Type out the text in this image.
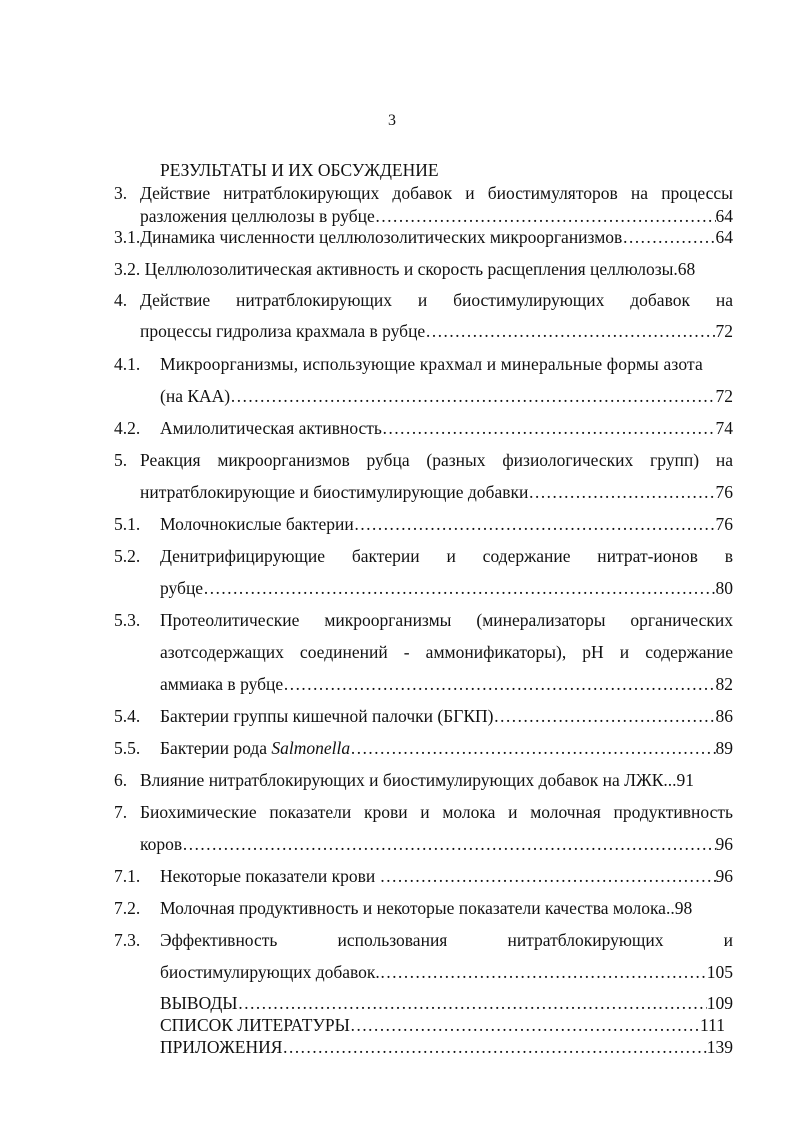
3
РЕЗУЛЬТАТЫ И ИХ ОБСУЖДЕНИЕ
3. Действие нитратблокирующих добавок и биостимуляторов на процессы
разложения целлюлозы в рубце …………………………………………………………………………………………………………………………………………………………………………………………	64
3.1. Динамика численности целлюлозолитических микроорганизмов …………………………………………………………………………………………………………………………………………………………………………………………	64
3.2. Целлюлозолитическая активность и скорость расщепления целлюлозы.68
4. Действие нитратблокирующих и биостимулирующих добавок на
процессы гидролиза крахмала в рубце …………………………………………………………………………………………………………………………………………………………………………………………	72
4.1. Микроорганизмы, использующие крахмал и минеральные формы азота
(на КАА) …………………………………………………………………………………………………………………………………………………………………………………………	72
4.2. Амилолитическая активность …………………………………………………………………………………………………………………………………………………………………………………………	74
5. Реакция микроорганизмов рубца (разных физиологических групп) на
нитратблокирующие и биостимулирующие добавки …………………………………………………………………………………………………………………………………………………………………………………………	76
5.1. Молочнокислые бактерии …………………………………………………………………………………………………………………………………………………………………………………………	76
5.2. Денитрифицирующие бактерии и содержание нитрат-ионов в
рубце …………………………………………………………………………………………………………………………………………………………………………………………	80
5.3. Протеолитические микроорганизмы (минерализаторы органических
азотсодержащих соединений - аммонификаторы), рН и содержание
аммиака в рубце …………………………………………………………………………………………………………………………………………………………………………………………	82
5.4. Бактерии группы кишечной палочки (БГКП) …………………………………………………………………………………………………………………………………………………………………………………………	86
5.5. Бактерии рода Salmonella …………………………………………………………………………………………………………………………………………………………………………………………	89
6. Влияние нитратблокирующих и биостимулирующих добавок на ЛЖК...91
7. Биохимические показатели крови и молока и молочная продуктивность
коров …………………………………………………………………………………………………………………………………………………………………………………………	96
7.1. Некоторые показатели крови …………………………………………………………………………………………………………………………………………………………………………………………	96
7.2. Молочная продуктивность и некоторые показатели качества молока..98
7.3. Эффективность	использования	нитратблокирующих	и
биостимулирующих добавок. …………………………………………………………………………………………………………………………………………………………………………………………	105
ВЫВОДЫ …………………………………………………………………………………………………………………………………………………………………………………………	109
СПИСОК ЛИТЕРАТУРЫ …………………………………………………………………………………………………………………………………………………………………………………………	111
ПРИЛОЖЕНИЯ …………………………………………………………………………………………………………………………………………………………………………………………	139
